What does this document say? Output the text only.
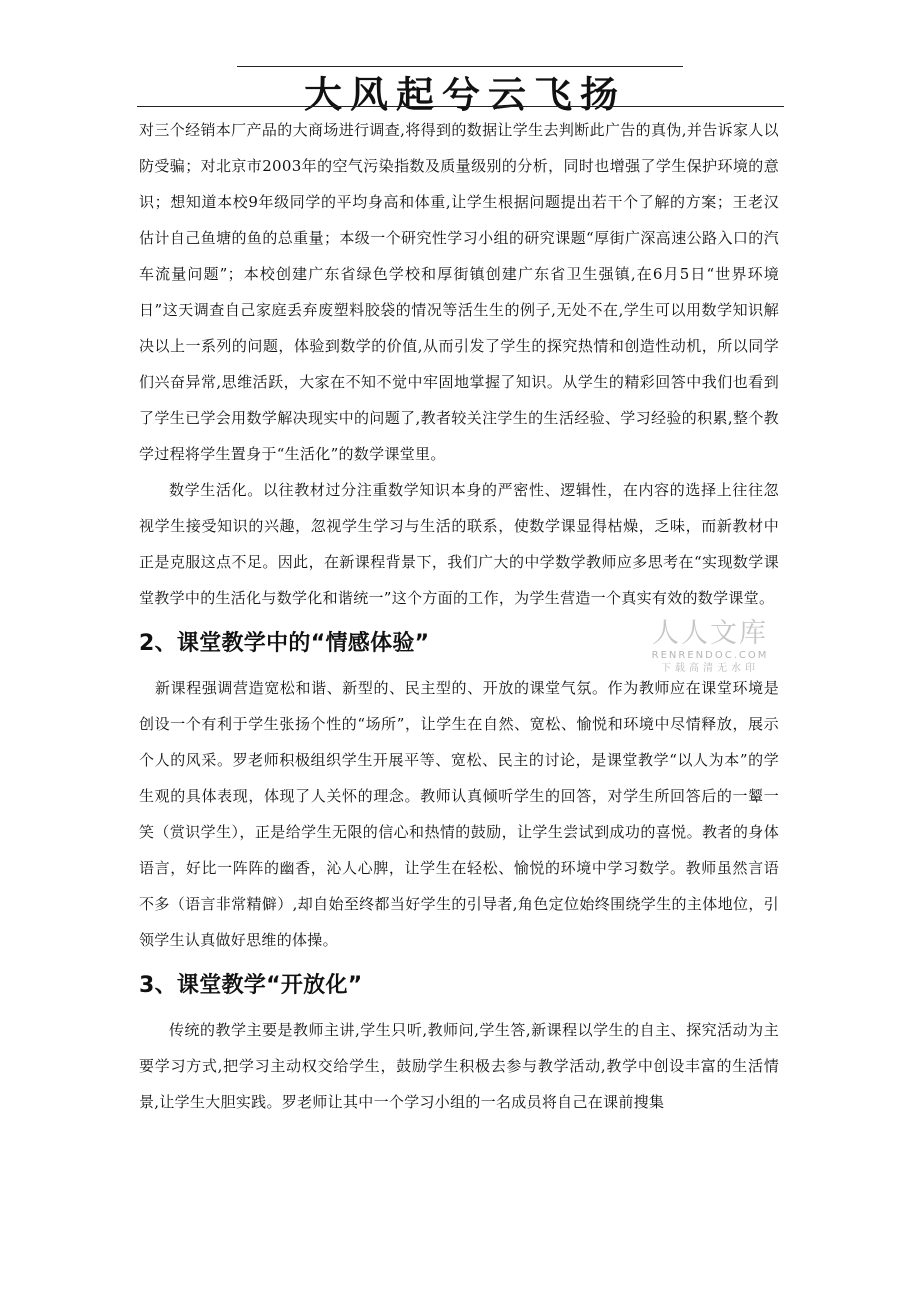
大风起兮云飞扬

对三个经销本厂产品的大商场进行调查,将得到的数据让学生去判断此广告的真伪,并告诉家人以防受骗；对北京市2003年的空气污染指数及质量级别的分析，同时也增强了学生保护环境的意识；想知道本校9年级同学的平均身高和体重,让学生根据问题提出若干个了解的方案；王老汉估计自己鱼塘的鱼的总重量；本级一个研究性学习小组的研究课题“厚街广深高速公路入口的汽车流量问题”；本校创建广东省绿色学校和厚街镇创建广东省卫生强镇,在6月5日“世界环境日”这天调查自己家庭丢弃废塑料胶袋的情况等活生生的例子,无处不在,学生可以用数学知识解决以上一系列的问题，体验到数学的价值,从而引发了学生的探究热情和创造性动机，所以同学们兴奋异常,思维活跃，大家在不知不觉中牢固地掌握了知识。从学生的精彩回答中我们也看到了学生已学会用数学解决现实中的问题了,教者较关注学生的生活经验、学习经验的积累,整个教学过程将学生置身于“生活化”的数学课堂里。

数学生活化。以往教材过分注重数学知识本身的严密性、逻辑性，在内容的选择上往往忽视学生接受知识的兴趣，忽视学生学习与生活的联系，使数学课显得枯燥，乏味，而新教材中正是克服这点不足。因此，在新课程背景下，我们广大的中学数学教师应多思考在“实现数学课堂教学中的生活化与数学化和谐统一”这个方面的工作，为学生营造一个真实有效的数学课堂。

2、课堂教学中的“情感体验”

新课程强调营造宽松和谐、新型的、民主型的、开放的课堂气氛。作为教师应在课堂环境是创设一个有利于学生张扬个性的“场所”，让学生在自然、宽松、愉悦和环境中尽情释放，展示个人的风采。罗老师积极组织学生开展平等、宽松、民主的讨论，是课堂教学“以人为本”的学生观的具体表现，体现了人关怀的理念。教师认真倾听学生的回答，对学生所回答后的一颦一笑（赏识学生），正是给学生无限的信心和热情的鼓励，让学生尝试到成功的喜悦。教者的身体语言，好比一阵阵的幽香，沁人心脾，让学生在轻松、愉悦的环境中学习数学。教师虽然言语不多（语言非常精僻）,却自始至终都当好学生的引导者,角色定位始终围绕学生的主体地位，引领学生认真做好思维的体操。

3、课堂教学“开放化”

传统的教学主要是教师主讲,学生只听,教师问,学生答,新课程以学生的自主、探究活动为主要学习方式,把学习主动权交给学生，鼓励学生积极去参与教学活动,教学中创设丰富的生活情景,让学生大胆实践。罗老师让其中一个学习小组的一名成员将自己在课前搜集

人人文库
RENRENDOC.COM
下载高清无水印
